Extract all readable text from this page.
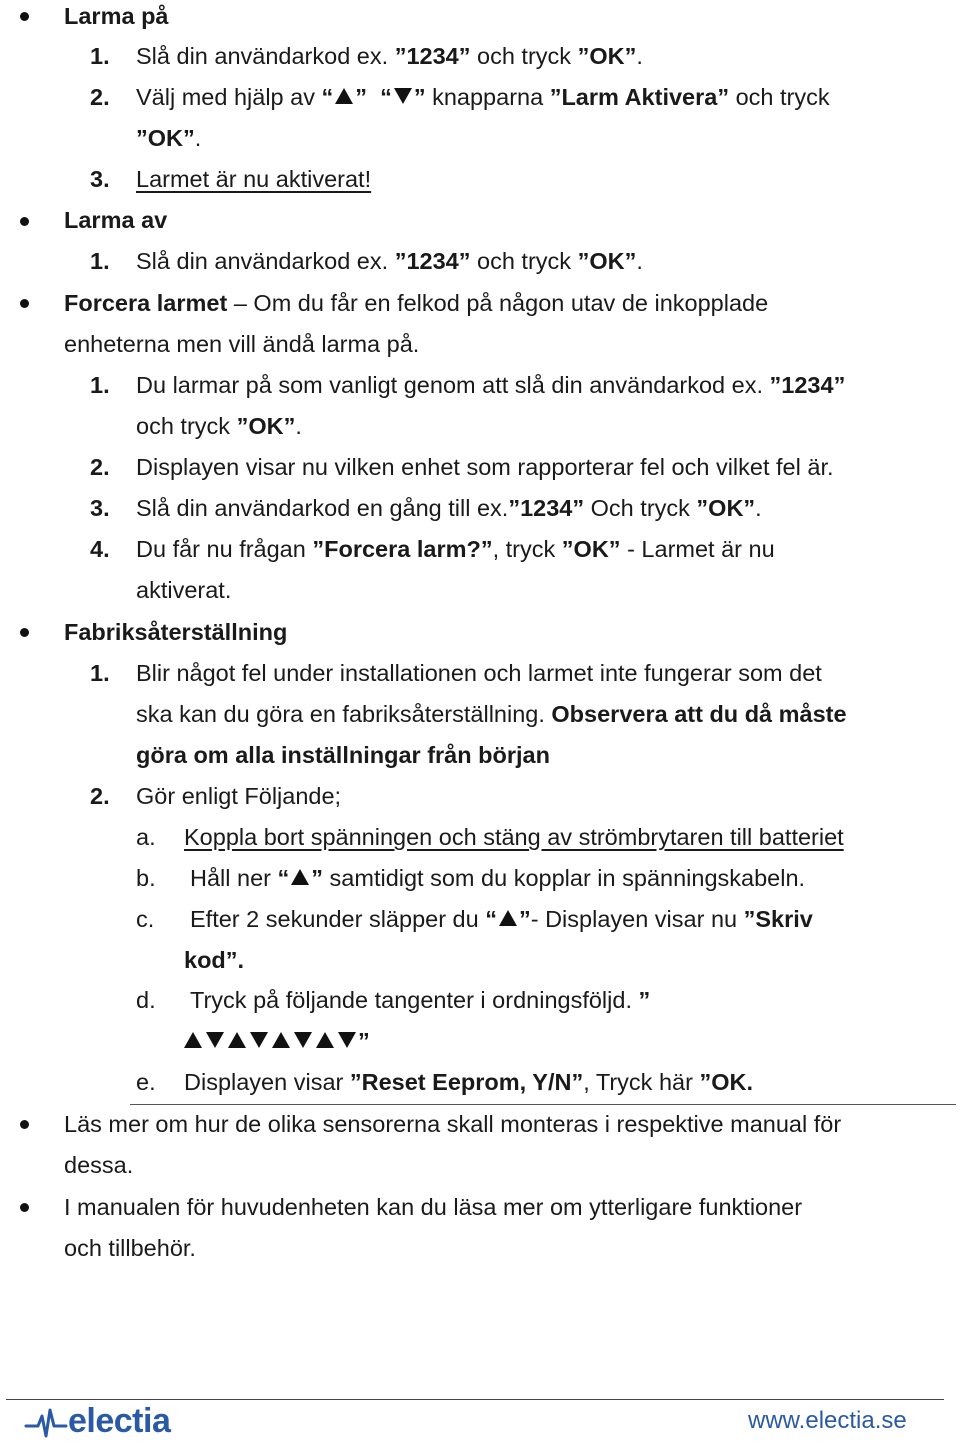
Larma på
1. Slå din användarkod ex. ”1234” och tryck ”OK”.
2. Välj med hjälp av “ ” “ ” knapparna ”Larm Aktivera” och tryck
”OK”.
3. Larmet är nu aktiverat!
Larma av
1. Slå din användarkod ex. ”1234” och tryck ”OK”.
Forcera larmet – Om du får en felkod på någon utav de inkopplade
enheterna men vill ändå larma på.
1. Du larmar på som vanligt genom att slå din användarkod ex. ”1234”
och tryck ”OK”.
2. Displayen visar nu vilken enhet som rapporterar fel och vilket fel är.
3. Slå din användarkod en gång till ex.”1234” Och tryck ”OK”.
4. Du får nu frågan ”Forcera larm?”, tryck ”OK” - Larmet är nu
aktiverat.
Fabriksåterställning
1. Blir något fel under installationen och larmet inte fungerar som det
ska kan du göra en fabriksåterställning. Observera att du då måste
göra om alla inställningar från början
2. Gör enligt Följande;
a. Koppla bort spänningen och stäng av strömbrytaren till batteriet
b. Håll ner “ ” samtidigt som du kopplar in spänningskabeln.
c. Efter 2 sekunder släpper du “ ”- Displayen visar nu ”Skriv
kod”.
d. Tryck på följande tangenter i ordningsföljd. ”
”
e. Displayen visar ”Reset Eeprom, Y/N”, Tryck här ”OK.
Läs mer om hur de olika sensorerna skall monteras i respektive manual för
dessa.
I manualen för huvudenheten kan du läsa mer om ytterligare funktioner
och tillbehör.
electia	www.electia.se
